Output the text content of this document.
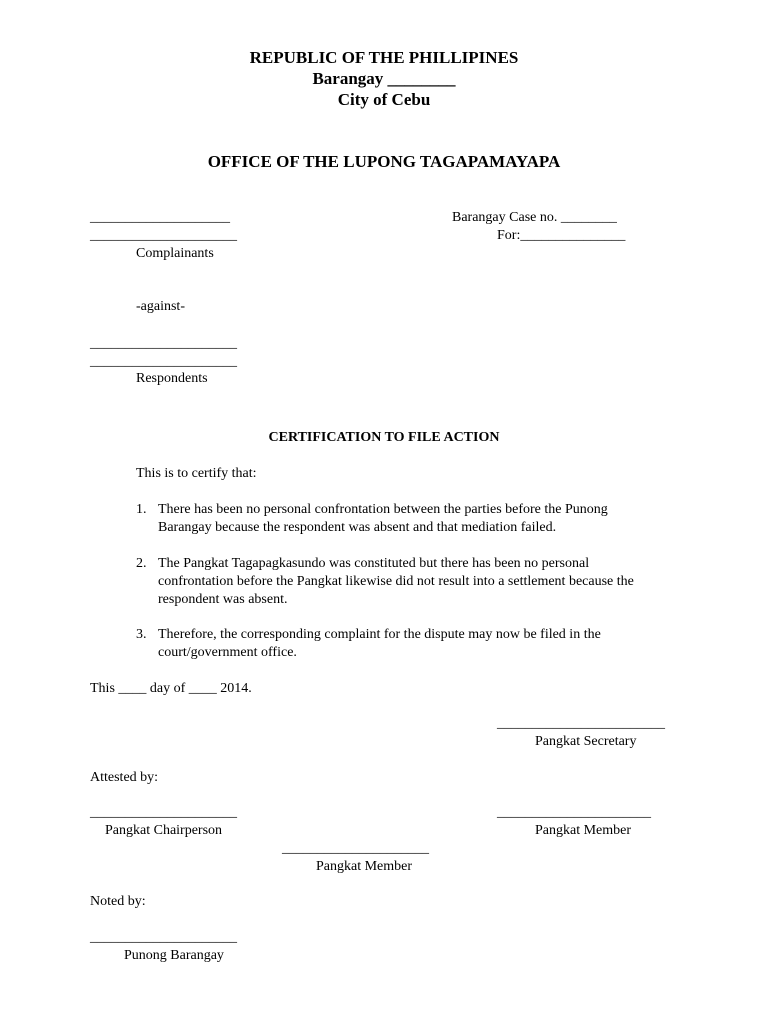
REPUBLIC OF THE PHILLIPINES
Barangay ________
City of Cebu
OFFICE OF THE LUPONG TAGAPAMAYAPA
____________________
_____________________
Complainants
Barangay Case no. ________
For:_______________
-against-
_____________________
_____________________
Respondents
CERTIFICATION TO FILE ACTION
This is to certify that:
1. There has been no personal confrontation between the parties before the Punong
Barangay because the respondent was absent and that mediation failed.
2. The Pangkat Tagapagkasundo was constituted but there has been no personal
confrontation before the Pangkat likewise did not result into a settlement because the
respondent was absent.
3. Therefore, the corresponding complaint for the dispute may now be filed in the
court/government office.
This ____ day of ____ 2014.
________________________
Pangkat Secretary
Attested by:
_____________________
Pangkat Chairperson
______________________
Pangkat Member
_____________________
Pangkat Member
Noted by:
_____________________
Punong Barangay
